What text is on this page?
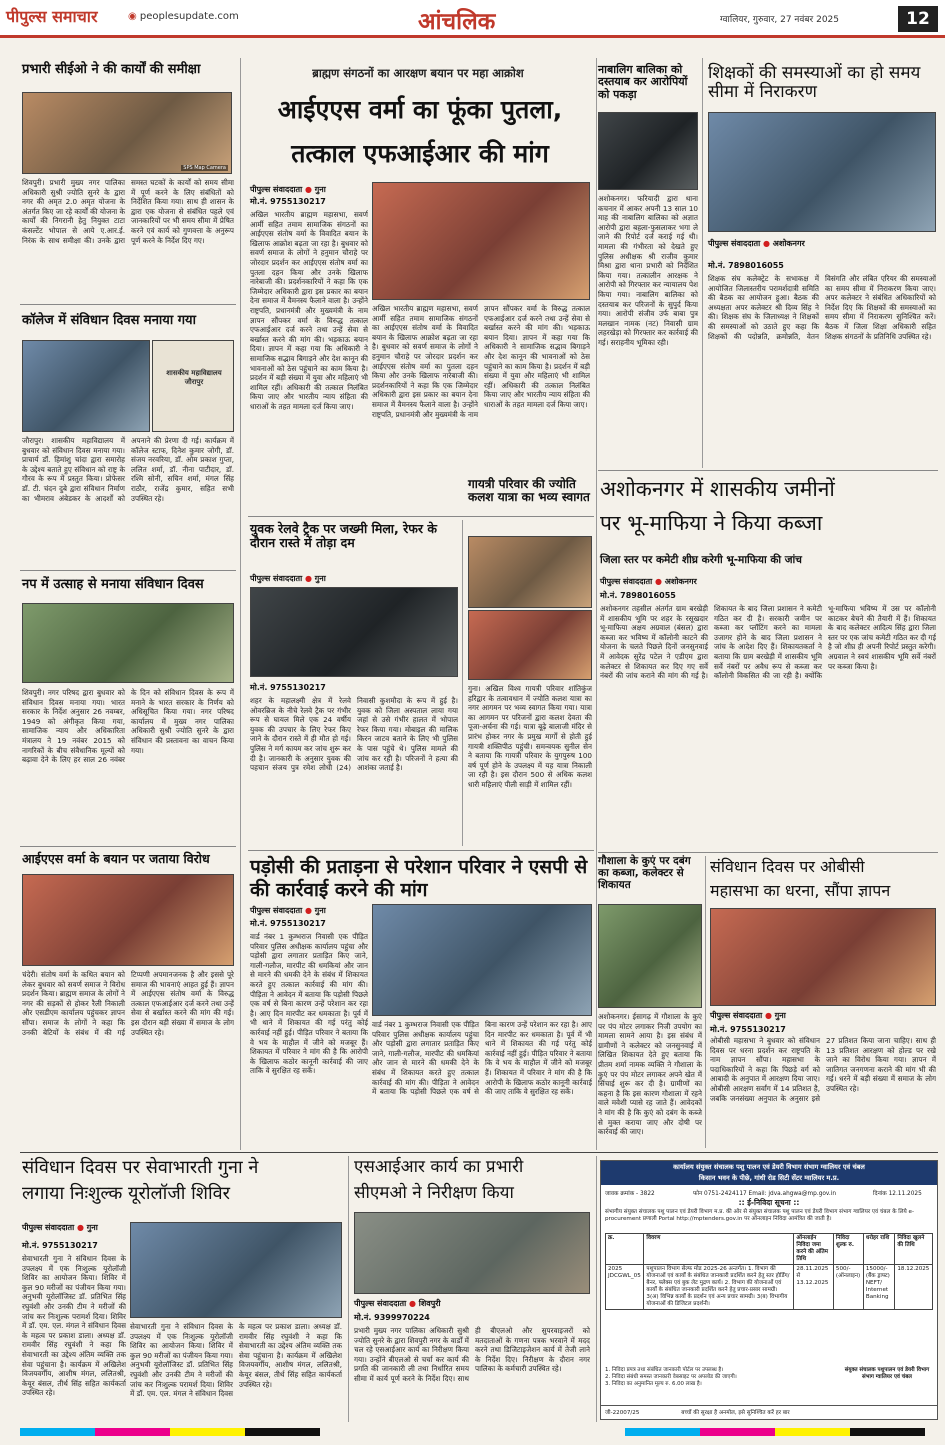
पीपुल्स समाचार	◉ peoplesupdate.com	आंचलिक	ग्वालियर, गुरुवार, 27 नवंबर 2025	12
प्रभारी सीईओ ने की कार्यों की समीक्षा
SPS Map Camera
शिवपुरी। प्रभारी मुख्य नगर पालिका अधिकारी सुश्री ज्योति सुनरे के द्वारा नगर की अमृत 2.0 अमृत योजना के अंतर्गत किए जा रहे कार्यों की योजना के कार्यों की निगरानी हेतु नियुक्त टाटा कंसल्टेंट भोपाल से आये ए.आर.ई. निरंक के साथ समीक्षा की। उनके द्वारा समस्त घटकों के कार्यों को समय सीमा में पूर्ण करने के लिए संबंधितों को निर्देशित किया गया। साथ ही शासन के द्वारा एक योजना से संबंधित पहले एवं जानकारियों पर भी समय सीमा में प्रेषित करने एवं कार्य को गुणवत्ता के अनुरूप पूर्ण करने के निर्देश दिए गए।
कॉलेज में संविधान दिवस मनाया गया
शासकीय महाविद्यालय जौरापुर
जौरापुर। शासकीय महाविद्यालय में बुधवार को संविधान दिवस मनाया गया। प्राचार्य डॉ. हिमांशु चांदा द्वारा समारोह के उद्देश्य बताते हुए संविधान को राष्ट्र के गौरव के रूप में प्रस्तुत किया। प्रोफेसर डॉ. टी. चंदन दुबे द्वारा संविधान निर्माण का भीमराव अंबेडकर के आदर्शों को अपनाने की प्रेरणा दी गई। कार्यक्रम में कॉलेज स्टाफ, दिनेश कुमार जोगी, डॉ. संजय नरवरिया, डॉ. ओम प्रकाश गुप्ता, ललित शर्मा, डॉ. नीना पाटीदार, डॉ. रश्मि सोनी, सचिन शर्मा, मंगल सिंह राठौर, राजेंद्र कुमार, सहित सभी उपस्थित रहे।
नप में उत्साह से मनाया संविधान दिवस
शिवपुरी। नगर परिषद द्वारा बुधवार को संविधान दिवस मनाया गया। भारत सरकार के निर्देश अनुसार 26 नवम्बर, 1949 को अंगीकृत किया गया, सामाजिक न्याय और अधिकारिता मंत्रालय ने 19 नवंबर 2015 को नागरिकों के बीच संवैधानिक मूल्यों को बढ़ावा देने के लिए हर साल 26 नवंबर के दिन को संविधान दिवस के रूप में मनाने के भारत सरकार के निर्णय को अधिसूचित किया गया। नगर परिषद कार्यालय में मुख्य नगर पालिका अधिकारी सुश्री ज्योति सुनरे के द्वारा संविधान की प्रस्तावना का वाचन किया गया।
आईएएस वर्मा के बयान पर जताया विरोध
चंदेरी। संतोष वर्मा के कथित बयान को लेकर बुधवार को सवर्ण समाज ने विरोध प्रदर्शन किया। ब्राह्मण समाज के लोगों ने नगर की सड़कों से होकर रैली निकाली और एसडीएम कार्यालय पहुंचकर ज्ञापन सौंपा। समाज के लोगों ने कहा कि उनकी बेटियों के संबंध में की गई टिप्पणी अपमानजनक है और इससे पूरे समाज की भावनाएं आहत हुई हैं। ज्ञापन में आईएएस संतोष वर्मा के विरुद्ध तत्काल एफआईआर दर्ज करने तथा उन्हें सेवा से बर्खास्त करने की मांग की गई। इस दौरान बड़ी संख्या में समाज के लोग उपस्थित रहे।
ब्राह्मण संगठनों का आरक्षण बयान पर महा आक्रोश
आईएएस वर्मा का फूंका पुतला,
तत्काल एफआईआर की मांग
पीपुल्स संवाददाता ● गुना
मो.नं. 9755130217
अखिल भारतीय ब्राह्मण महासभा, सवर्ण आर्मी सहित तमाम सामाजिक संगठनों का आईएएस संतोष वर्मा के विवादित बयान के खिलाफ आक्रोश बढ़ता जा रहा है। बुधवार को सवर्ण समाज के लोगों ने हनुमान चौराहे पर जोरदार प्रदर्शन कर आईएएस संतोष वर्मा का पुतला दहन किया और उनके खिलाफ नारेबाजी की। प्रदर्शनकारियों ने कहा कि एक जिम्मेदार अधिकारी द्वारा इस प्रकार का बयान देना समाज में वैमनस्य फैलाने वाला है। उन्होंने राष्ट्रपति, प्रधानमंत्री और मुख्यमंत्री के नाम ज्ञापन सौंपकर वर्मा के विरुद्ध तत्काल एफआईआर दर्ज करने तथा उन्हें सेवा से बर्खास्त करने की मांग की। भड़काऊ बयान दिया। ज्ञापन में कहा गया कि अधिकारी ने सामाजिक सद्भाव बिगाड़ने और देश कानून की भावनाओं को ठेस पहुंचाने का काम किया है। प्रदर्शन में बड़ी संख्या में युवा और महिलाएं भी शामिल रहीं। अधिकारी की तत्काल निलंबित किया जाए और भारतीय न्याय संहिता की धाराओं के तहत मामला दर्ज किया जाए।
अखिल भारतीय ब्राह्मण महासभा, सवर्ण आर्मी सहित तमाम सामाजिक संगठनों का आईएएस संतोष वर्मा के विवादित बयान के खिलाफ आक्रोश बढ़ता जा रहा है। बुधवार को सवर्ण समाज के लोगों ने हनुमान चौराहे पर जोरदार प्रदर्शन कर आईएएस संतोष वर्मा का पुतला दहन किया और उनके खिलाफ नारेबाजी की। प्रदर्शनकारियों ने कहा कि एक जिम्मेदार अधिकारी द्वारा इस प्रकार का बयान देना समाज में वैमनस्य फैलाने वाला है। उन्होंने राष्ट्रपति, प्रधानमंत्री और मुख्यमंत्री के नाम ज्ञापन सौंपकर वर्मा के विरुद्ध तत्काल एफआईआर दर्ज करने तथा उन्हें सेवा से बर्खास्त करने की मांग की। भड़काऊ बयान दिया। ज्ञापन में कहा गया कि अधिकारी ने सामाजिक सद्भाव बिगाड़ने और देश कानून की भावनाओं को ठेस पहुंचाने का काम किया है। प्रदर्शन में बड़ी संख्या में युवा और महिलाएं भी शामिल रहीं। अधिकारी की तत्काल निलंबित किया जाए और भारतीय न्याय संहिता की धाराओं के तहत मामला दर्ज किया जाए।
युवक रेलवे ट्रैक पर जख्मी मिला, रेफर के दौरान रास्ते में तोड़ा दम
पीपुल्स संवाददाता ● गुना
मो.नं. 9755130217
शहर के महालक्ष्मी क्षेत्र में रेलवे ओवरब्रिज के नीचे रेलवे ट्रैक पर गंभीर रूप से घायल मिले एक 24 वर्षीय युवक की उपचार के लिए रेफर किए जाने के दौरान रास्ते में ही मौत हो गई। पुलिस ने मर्ग कायम कर जांच शुरू कर दी है। जानकारी के अनुसार युवक की पहचान संजय पुत्र रमेश लोधी (24) निवासी कुशमौदा के रूप में हुई है। युवक को जिला अस्पताल लाया गया जहां से उसे गंभीर हालत में भोपाल रेफर किया गया। मोबाइल की मालिक किरन जाटव बताने के लिए भी पुलिस के पास पहुंचे थे। पुलिस मामले की जांच कर रही है। परिजनों ने हत्या की आशंका जताई है।
गायत्री परिवार की ज्योति कलश यात्रा का भव्य स्वागत
गुना। अखिल विश्व गायत्री परिवार शांतिकुंज हरिद्वार के तत्वावधान में ज्योति कलश यात्रा का नगर आगमन पर भव्य स्वागत किया गया। यात्रा का आगमन पर परिजनों द्वारा कलश देवता की पूजा-अर्चना की गई। यात्रा बूढ़े बालाजी मंदिर से प्रारंभ होकर नगर के प्रमुख मार्गों से होती हुई गायत्री शक्तिपीठ पहुंची। समन्वयक सुनील सेन ने बताया कि गायत्री परिवार के युगपुरुष 100 वर्ष पूर्ण होने के उपलक्ष्य में यह यात्रा निकाली जा रही है। इस दौरान 500 से अधिक कलश धारी महिलाएं पीली साड़ी में शामिल रहीं।
पड़ोसी की प्रताड़ना से परेशान परिवार ने एसपी से की कार्रवाई करने की मांग
पीपुल्स संवाददाता ● गुना
मो.नं. 9755130217
वार्ड नंबर 1 कुम्भराज निवासी एक पीड़ित परिवार पुलिस अधीक्षक कार्यालय पहुंचा और पड़ोसी द्वारा लगातार प्रताड़ित किए जाने, गाली-गलौज, मारपीट की धमकियां और जान से मारने की धमकी देने के संबंध में शिकायत करते हुए तत्काल कार्रवाई की मांग की। पीड़िता ने आवेदन में बताया कि पड़ोसी पिछले एक वर्ष से बिना कारण उन्हें परेशान कर रहा है। आए दिन मारपीट कर धमकाता है। पूर्व में भी थाने में शिकायत की गई परंतु कोई कार्रवाई नहीं हुई। पीड़ित परिवार ने बताया कि वे भय के माहौल में जीने को मजबूर हैं। शिकायत में परिवार ने मांग की है कि आरोपी के खिलाफ कठोर कानूनी कार्रवाई की जाए ताकि वे सुरक्षित रह सकें।
वार्ड नंबर 1 कुम्भराज निवासी एक पीड़ित परिवार पुलिस अधीक्षक कार्यालय पहुंचा और पड़ोसी द्वारा लगातार प्रताड़ित किए जाने, गाली-गलौज, मारपीट की धमकियां और जान से मारने की धमकी देने के संबंध में शिकायत करते हुए तत्काल कार्रवाई की मांग की। पीड़िता ने आवेदन में बताया कि पड़ोसी पिछले एक वर्ष से बिना कारण उन्हें परेशान कर रहा है। आए दिन मारपीट कर धमकाता है। पूर्व में भी थाने में शिकायत की गई परंतु कोई कार्रवाई नहीं हुई। पीड़ित परिवार ने बताया कि वे भय के माहौल में जीने को मजबूर हैं। शिकायत में परिवार ने मांग की है कि आरोपी के खिलाफ कठोर कानूनी कार्रवाई की जाए ताकि वे सुरक्षित रह सकें।
नाबालिग बालिका को दस्तयाब कर आरोपियों को पकड़ा
अशोकनगर। फरियादी द्वारा थाना कचनार में आकर अपनी 13 साल 10 माह की नाबालिग बालिका को अज्ञात आरोपी द्वारा बहला-फुसलाकर भगा ले जाने की रिपोर्ट दर्ज कराई गई थी। मामला की गंभीरता को देखते हुए पुलिस अधीक्षक श्री राजीव कुमार मिश्रा द्वारा थाना प्रभारी को निर्देशित किया गया। तत्कालीन आरक्षक ने आरोपी को गिरफ्तार कर न्यायालय पेश किया गया। नाबालिग बालिका को दस्तयाब कर परिजनों के सुपुर्द किया गया। आरोपी संजीव उर्फ बाबा पुत्र मलखान नामक (नट) निवासी ग्राम लहरखेड़ा को गिरफ्तार कर कार्रवाई की गई। सराहनीय भूमिका रही।
शिक्षकों की समस्याओं का हो समय सीमा में निराकरण
पीपुल्स संवाददाता ● अशोकनगर
मो.नं. 7898016055
शिक्षक संघ कलेक्ट्रेट के सभाकक्ष में आयोजित जिलास्तरीय परामर्शदात्री समिति की बैठक का आयोजन हुआ। बैठक की अध्यक्षता अपर कलेक्टर श्री दिव्य सिंह ने की। शिक्षक संघ के जिलाध्यक्ष ने शिक्षकों की समस्याओं को उठाते हुए कहा कि शिक्षकों की पदोन्नति, क्रमोन्नति, वेतन विसंगति और लंबित एरियर की समस्याओं का समय सीमा में निराकरण किया जाए। अपर कलेक्टर ने संबंधित अधिकारियों को निर्देश दिए कि शिक्षकों की समस्याओं का समय सीमा में निराकरण सुनिश्चित करें। बैठक में जिला शिक्षा अधिकारी सहित शिक्षक संगठनों के प्रतिनिधि उपस्थित रहे।
अशोकनगर में शासकीय जमीनों
पर भू-माफिया ने किया कब्जा
जिला स्तर पर कमेटी शीघ्र करेगी भू-माफिया की जांच
पीपुल्स संवाददाता ● अशोकनगर
मो.नं. 7898016055
अशोकनगर तहसील अंतर्गत ग्राम बरखेड़ी में शासकीय भूमि पर शहर के रसूखदार भू-माफिया अक्षय अग्रवाल (बंसल) द्वारा कब्जा कर भविष्य में कॉलोनी काटने की योजना के चलते पिछले दिनों जनसुनवाई में आवेदक सुरेंद्र पटेल ने एडीएम द्वारा कलेक्टर से शिकायत कर दिए गए सर्वे नंबरों की जांच कराने की मांग की गई है। शिकायत के बाद जिला प्रशासन ने कमेटी गठित कर दी है। सरकारी जमीन पर कब्जा कर प्लॉटिंग करने का मामला उजागर होने के बाद जिला प्रशासन ने जांच के आदेश दिए हैं। शिकायतकर्ता ने बताया कि ग्राम बरखेड़ी में शासकीय भूमि सर्वे नंबरों पर अवैध रूप से कब्जा कर कॉलोनी विकसित की जा रही है। क्योंकि भू-माफिया भविष्य में उस पर कॉलोनी काटकर बेचने की तैयारी में हैं। शिकायत के बाद कलेक्टर आदित्य सिंह द्वारा जिला स्तर पर एक जांच कमेटी गठित कर दी गई है जो शीघ्र ही अपनी रिपोर्ट प्रस्तुत करेगी। अग्रवाल ने स्वयं शासकीय भूमि सर्वे नंबरों पर कब्जा किया है।
गौशाला के कुएं पर दबंग का कब्जा, कलेक्टर से शिकायत
अशोकनगर। ईसागढ़ में गौशाला के कुएं पर पंप मोटर लगाकर निजी उपयोग का मामला सामने आया है। इस संबंध में ग्रामीणों ने कलेक्टर को जनसुनवाई में लिखित शिकायत देते हुए बताया कि प्रीतम शर्मा नामक व्यक्ति ने गौशाला के कुएं पर पंप मोटर लगाकर अपने खेत में सिंचाई शुरू कर दी है। ग्रामीणों का कहना है कि इस कारण गौशाला में रहने वाले मवेशी प्यासे रह जाते हैं। आवेदकों ने मांग की है कि कुएं को दबंग के कब्जे से मुक्त कराया जाए और दोषी पर कार्रवाई की जाए।
संविधान दिवस पर ओबीसी
महासभा का धरना, सौंपा ज्ञापन
पीपुल्स संवाददाता ● गुना
मो.नं. 9755130217
ओबीसी महासभा ने बुधवार को संविधान दिवस पर धरना प्रदर्शन कर राष्ट्रपति के नाम ज्ञापन सौंपा। महासभा के पदाधिकारियों ने कहा कि पिछड़े वर्ग को आबादी के अनुपात में आरक्षण दिया जाए। ओबीसी आरक्षण सर्वांग में 14 प्रतिशत है, जबकि जनसंख्या अनुपात के अनुसार इसे 27 प्रतिशत किया जाना चाहिए। साथ ही 13 प्रतिशत आरक्षण को होल्ड पर रखे जाने का विरोध किया गया। ज्ञापन में जातिगत जनगणना कराने की मांग भी की गई। धरने में बड़ी संख्या में समाज के लोग उपस्थित रहे।
संविधान दिवस पर सेवाभारती गुना ने
लगाया निःशुल्क यूरोलॉजी शिविर
पीपुल्स संवाददाता ● गुना
मो.नं. 9755130217
सेवाभारती गुना ने संविधान दिवस के उपलक्ष्य में एक निःशुल्क यूरोलॉजी शिविर का आयोजन किया। शिविर में कुल 90 मरीजों का पंजीयन किया गया। अनुभवी यूरोलॉजिस्ट डॉ. प्रतिभित सिंह रघुवंशी और उनकी टीम ने मरीजों की जांच कर निःशुल्क परामर्श दिया। शिविर में डॉ. एम. एल. मंगल ने संविधान दिवस के महत्व पर प्रकाश डाला। अध्यक्ष डॉ. रामवीर सिंह रघुवंशी ने कहा कि सेवाभारती का उद्देश्य अंतिम व्यक्ति तक सेवा पहुंचाना है। कार्यक्रम में अखिलेश विजयवर्गीय, आशीष मंगल, ललितश्री, केयूर बंसल, तीर्थ सिंह सहित कार्यकर्ता उपस्थित रहे।
सेवाभारती गुना ने संविधान दिवस के उपलक्ष्य में एक निःशुल्क यूरोलॉजी शिविर का आयोजन किया। शिविर में कुल 90 मरीजों का पंजीयन किया गया। अनुभवी यूरोलॉजिस्ट डॉ. प्रतिभित सिंह रघुवंशी और उनकी टीम ने मरीजों की जांच कर निःशुल्क परामर्श दिया। शिविर में डॉ. एम. एल. मंगल ने संविधान दिवस के महत्व पर प्रकाश डाला। अध्यक्ष डॉ. रामवीर सिंह रघुवंशी ने कहा कि सेवाभारती का उद्देश्य अंतिम व्यक्ति तक सेवा पहुंचाना है। कार्यक्रम में अखिलेश विजयवर्गीय, आशीष मंगल, ललितश्री, केयूर बंसल, तीर्थ सिंह सहित कार्यकर्ता उपस्थित रहे।
एसआईआर कार्य का प्रभारी
सीएमओ ने निरीक्षण किया
पीपुल्स संवाददाता ● शिवपुरी
मो.नं. 9399970224
प्रभारी मुख्य नगर पालिका अधिकारी सुश्री ज्योति सुनरे के द्वारा शिवपुरी नगर के वार्डों में चल रहे एसआईआर कार्य का निरीक्षण किया गया। उन्होंने बीएलओ से चर्चा कर कार्य की प्रगति की जानकारी ली तथा निर्धारित समय सीमा में कार्य पूर्ण करने के निर्देश दिए। साथ ही बीएलओ और सुपरवाइजरों को मतदाताओं के गणना पत्रक भरवाने में मदद करने तथा डिजिटाइजेशन कार्य में तेजी लाने के निर्देश दिए। निरीक्षण के दौरान नगर पालिका के कर्मचारी उपस्थित रहे।
कार्यालय संयुक्त संचालक पशु पालन एवं डेयरी विभाग संभाग ग्वालियर एवं चंबल
किसान भवन के पीछे, गांधी रोड सिटी सेंटर ग्वालियर म.प्र.
जावक क्रमांक - 3822	फोन 0751-2424117 Email: jdva.ahgwa@mp.gov.in	दिनांक 12.11.2025
:: ई-निविदा सूचना ::
संभागीय संयुक्त संचालक पशु पालन एवं डेयरी विभाग म.प्र. की ओर से संयुक्त संचालक पशु पालन एवं डेयरी विभाग संभाग ग्वालियर एवं चंबल के लिये e-procurement प्रणाली Portal http://mptenders.gov.in पर ऑनलाइन निविदा आमंत्रित की जाती है।
क्र.	विवरण	ऑनलाईन निविदा जमा करने की अंतिम तिथि	निविदा शुल्क रु.	धरोहर राशि	निविदा खुलने की तिथि
2025 JDCGWL_05	पशुपालन विभाग सेल्फ मोड 2025-26 अन्तर्गत। 1. विभाग की योजनाओं एवं कार्यों के संबंधित जानकारी प्रदर्शित करने हेतु स्तर होर्डिंग/बैनर, फ्लेक्स एवं बुक लेट मुद्रण कार्य। 2. विभाग की योजनाओं एवं कार्यों के संबंधित जानकारी प्रदर्शित करने हेतु प्रचार-प्रसार सामग्री। 3(अ) विभिन्न कार्यों के प्रदर्शन एवं अन्य प्रचार सामग्री। 3(ब) विभागीय योजनाओं की डिजिटल प्रदर्शनी।	28.11.2025 से 13.12.2025	500/- (ऑनलाइन)	15000/- (बैंक ड्राफ्ट) NEFT/ Internet Banking	18.12.2025
1. निविदा प्रपत्र तथा संबंधित जानकारी पोर्टल पर उपलब्ध है।
2. निविदा संबंधी समस्त जानकारी वेबसाइट पर अपलोड की जाएगी।
3. निविदा का अनुमानित मूल्य रु. 6.00 लाख है।
संयुक्त संचालक पशुपालन एवं डेयरी विभाग संभाग ग्वालियर एवं चंबल
जी-22007/25	बच्चों की सुरक्षा है अनमोल, इसे सुनिश्चित करें हर बार
